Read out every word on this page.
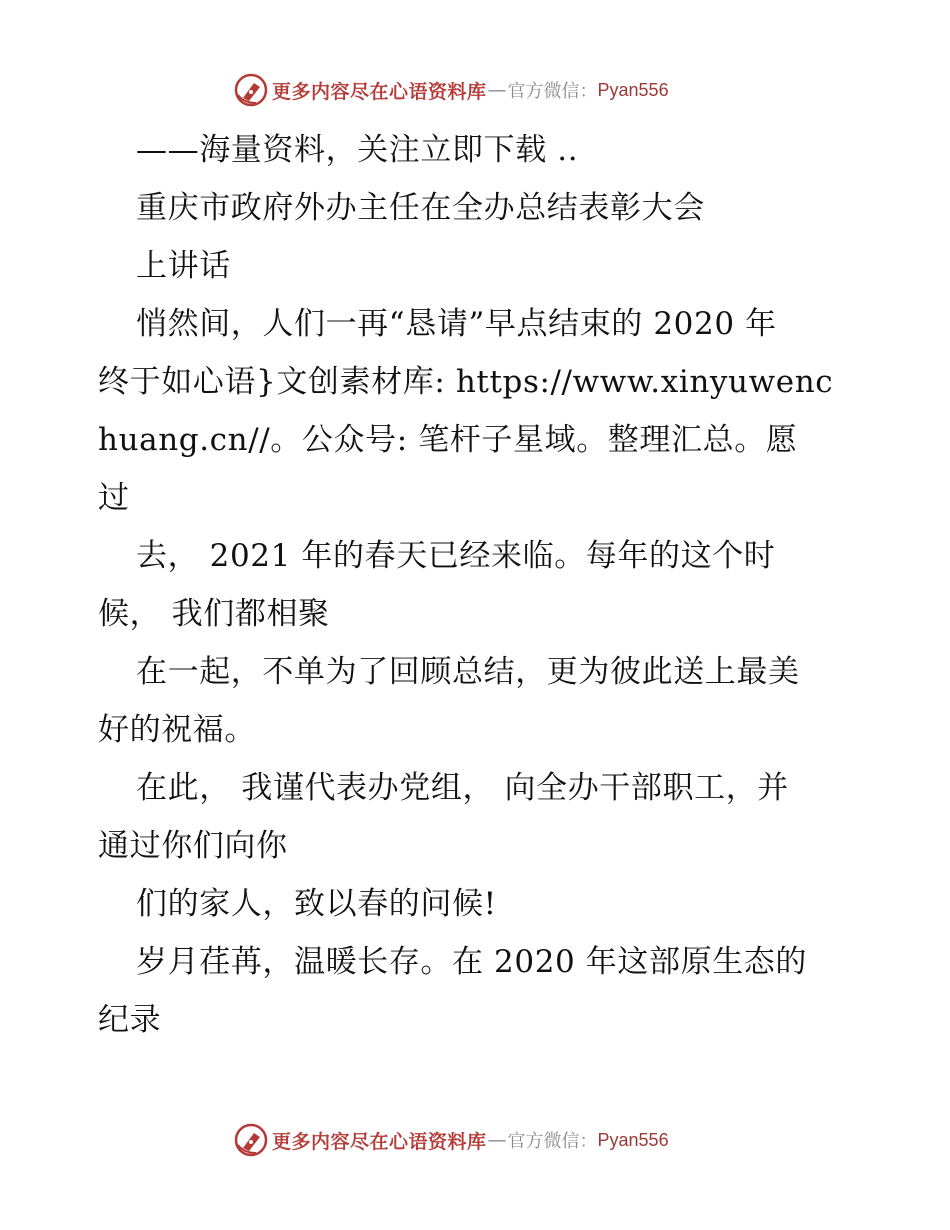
更多内容尽在心语资料库 — 官方微信： Pyan556
——海量资料，关注立即下载 ..
重庆市政府外办主任在全办总结表彰大会
上讲话
悄然间，人们一再“恳请”早点结束的 2020 年
终于如心语}文创素材库: https://www.xinyuwenc
huang.cn//。公众号: 笔杆子星域。整理汇总。愿
过
去， 2021 年的春天已经来临。每年的这个时
候， 我们都相聚
在一起，不单为了回顾总结，更为彼此送上最美
好的祝福。
在此， 我谨代表办党组， 向全办干部职工，并
通过你们向你
们的家人，致以春的问候!
岁月荏苒，温暖长存。在 2020 年这部原生态的
纪录
更多内容尽在心语资料库 — 官方微信： Pyan556
